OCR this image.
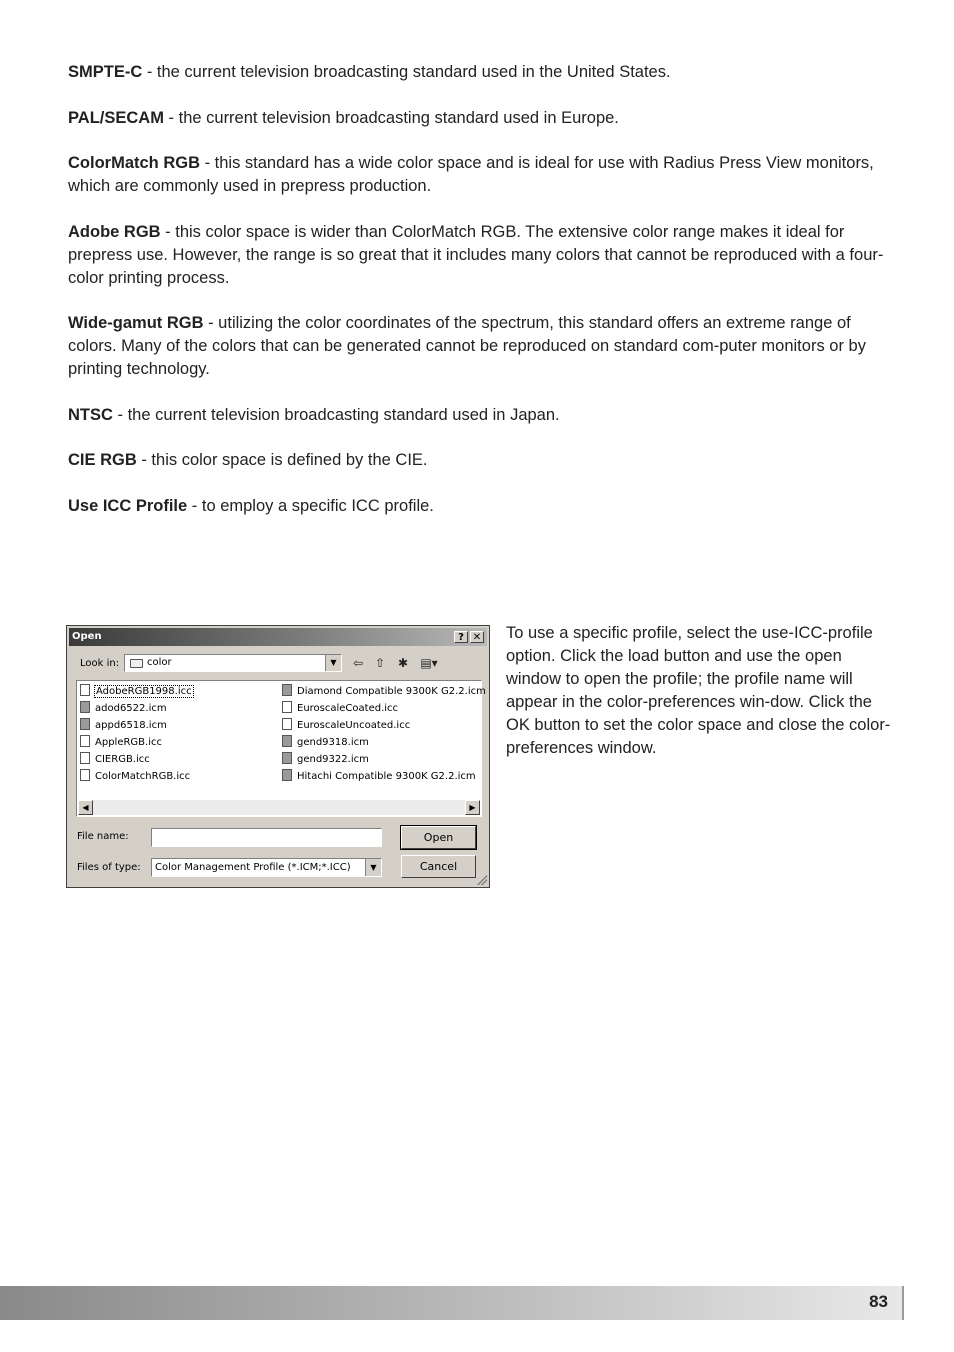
SMPTE-C - the current television broadcasting standard used in the United States.

PAL/SECAM - the current television broadcasting standard used in Europe.

ColorMatch RGB - this standard has a wide color space and is ideal for use with Radius Press View monitors, which are commonly used in prepress production.

Adobe RGB - this color space is wider than ColorMatch RGB. The extensive color range makes it ideal for prepress use. However, the range is so great that it includes many colors that cannot be reproduced with a four-color printing process.

Wide-gamut RGB - utilizing the color coordinates of the spectrum, this standard offers an extreme range of colors. Many of the colors that can be generated cannot be reproduced on standard com-puter monitors or by printing technology.

NTSC - the current television broadcasting standard used in Japan.

CIE RGB - this color space is defined by the CIE.

Use ICC Profile - to employ a specific ICC profile.

Open	? ✕
Look in:	color	▼	⇦ ⇧	✱	▤▾
AdobeRGB1998.icc
adod6522.icm
appd6518.icm
AppleRGB.icc
CIERGB.icc
ColorMatchRGB.icc
Diamond Compatible 9300K G2.2.icm
EuroscaleCoated.icc
EuroscaleUncoated.icc
gend9318.icm
gend9322.icm
Hitachi Compatible 9300K G2.2.icm
◀	▶
File name:
Files of type: Color Management Profile (*.ICM;*.ICC)	▼
Open
Cancel
To use a specific profile, select the use-ICC-profile option. Click the load button and use the open window to open the profile; the profile name will appear in the color-preferences win-dow. Click the OK button to set the color space and close the color-preferences window.
83
